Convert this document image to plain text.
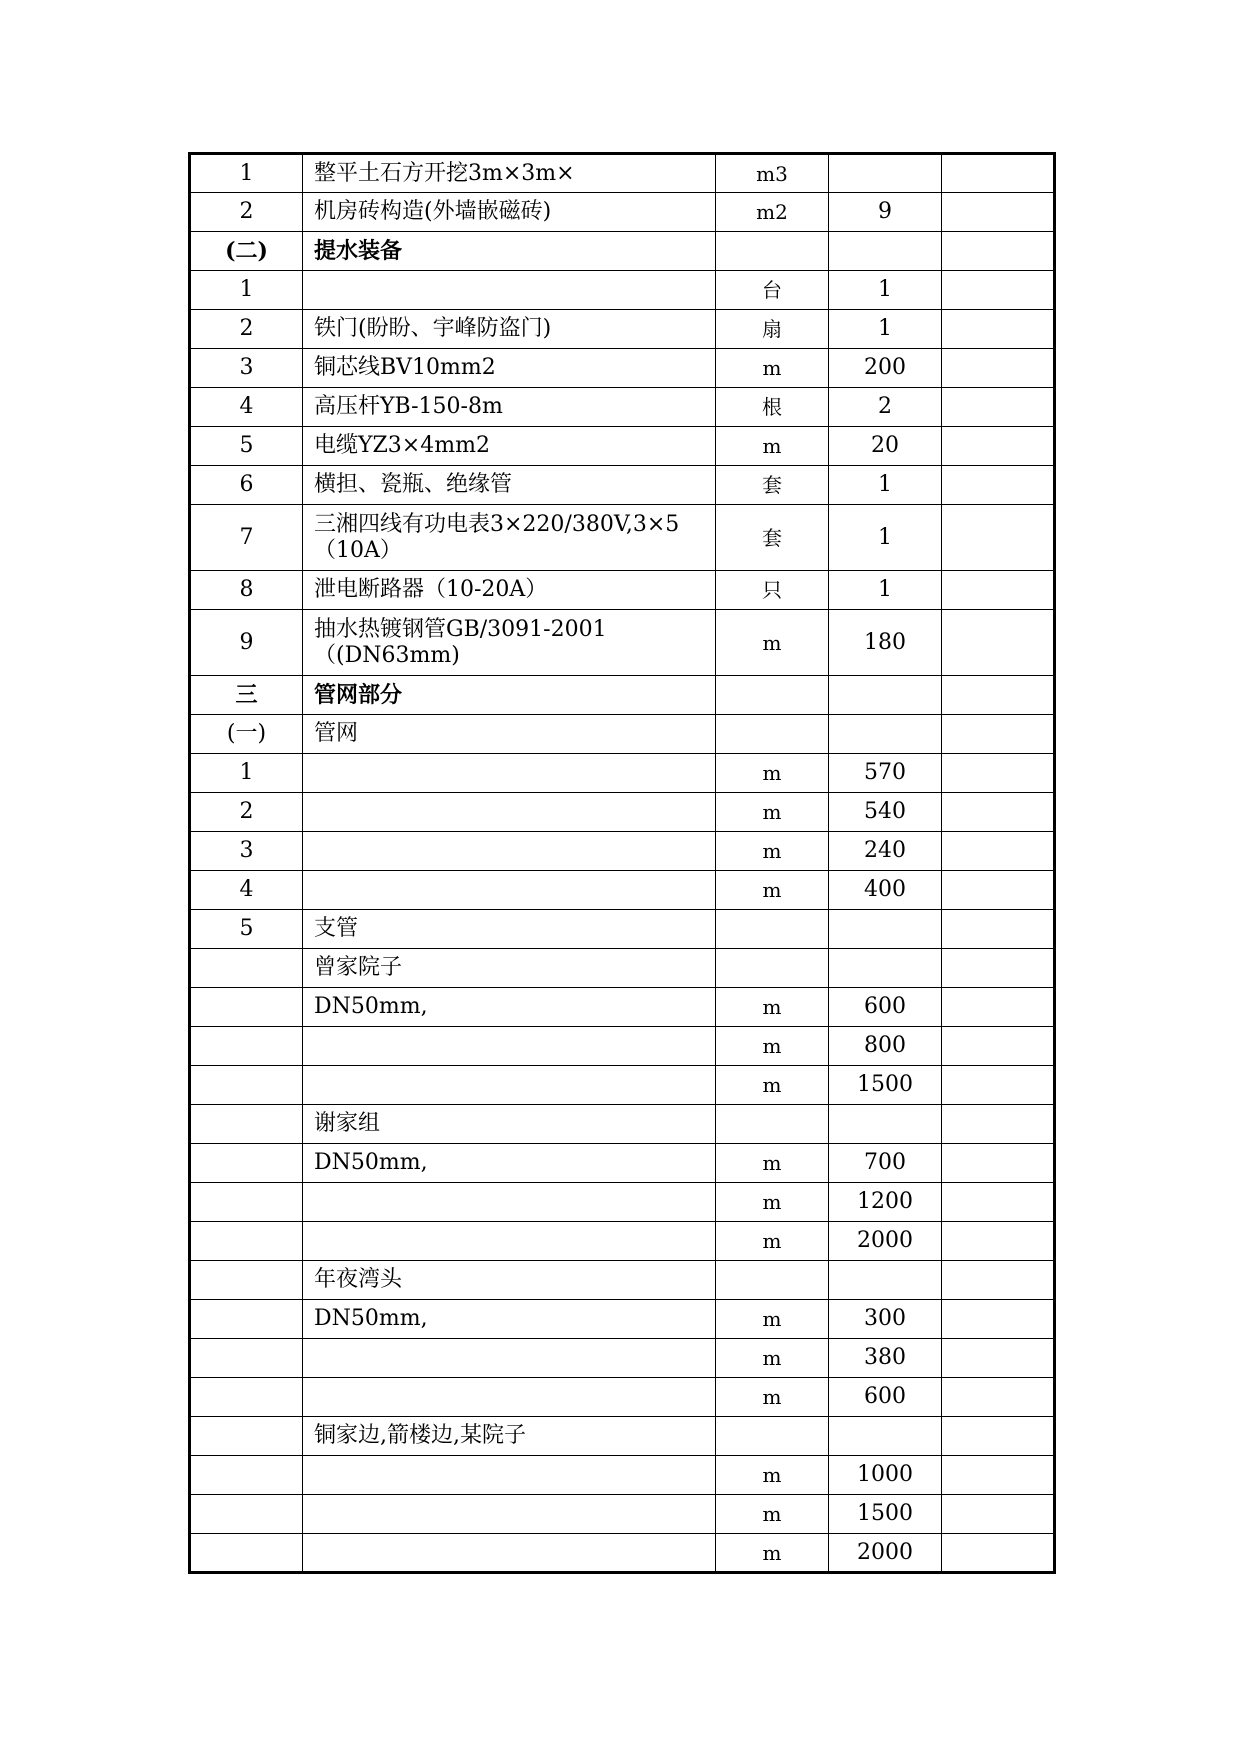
1	整平土石方开挖3m×3m×	m3		
2	机房砖构造(外墙嵌磁砖)	m2	9	
(二)	提水装备			
1		台	1	
2	铁门(盼盼、宇峰防盗门)	扇	1	
3	铜芯线BV10mm2	m	200	
4	高压杆YB-150-8m	根	2	
5	电缆YZ3×4mm2	m	20	
6	横担、瓷瓶、绝缘管	套	1	
7	三湘四线有功电表3×220/380V,3×5（10A）	套	1	
8	泄电断路器（10-20A）	只	1	
9	抽水热镀钢管GB/3091-2001（(DN63mm)	m	180	
三	管网部分			
(一)	管网			
1		m	570	
2		m	540	
3		m	240	
4		m	400	
5	支管			
	曾家院子			
	DN50mm,	m	600	
		m	800	
		m	1500	
	谢家组			
	DN50mm,	m	700	
		m	1200	
		m	2000	
	年夜湾头			
	DN50mm,	m	300	
		m	380	
		m	600	
	铜家边,箭楼边,某院子			
		m	1000	
		m	1500	
		m	2000	
